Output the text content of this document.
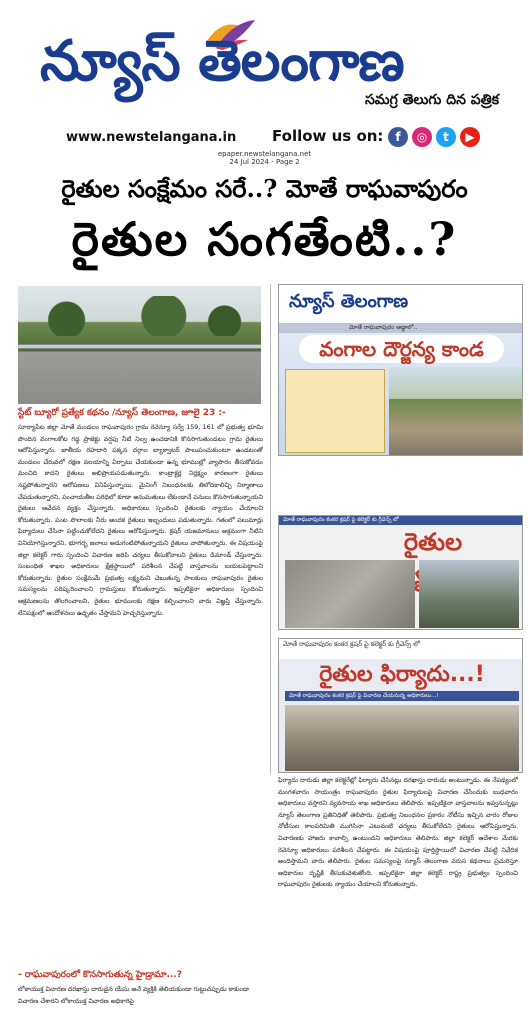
న్యూస్ తెలంగాణ
సమగ్ర తెలుగు దిన పత్రిక
www.newstelangana.in Follow us on: f	◎	t	▶
epaper.newstelangana.net
24 Jul 2024 - Page 2
రైతుల సంక్షేమం సరే..? మోతే రాఘవాపురం
రైతుల సంగతేంటి..?
స్టేట్ బ్యూరో ప్రత్యేక కథనం /న్యూస్ తెలంగాణ, జూలై 23 :-
సూర్యాపేట జిల్లా మోతే మండలం రాఘవాపురం గ్రామ రెవెన్యూ సర్వే 159, 161 లో ప్రభుత్వ భూమి పొందిన వంగాలకోట గడ్డ ప్రాజెక్టు వర్షపు నీటి నిల్వ ఉంచడానికి కొనసాగుతుండటం గ్రామ రైతులు ఆరోపిస్తున్నారు. జాతీయ రహదారి పక్కన దర్గాల బ్యాక్వాటర్ పాలుపంచుకుంటూ ఉండటంతో మండలం చేరువలో రక్షణ వలయాన్ని ఏర్పాటు చేయకుండా ఉన్న భూముల్లో వ్యాపారం తీసుకోవడం మంచిది కాదని రైతులు అభిప్రాయపడుతున్నారు. కాంట్రాక్టర్ల నిర్లక్ష్యం కారణంగా రైతులు నష్టపోతున్నారని ఆరోపణలు వినిపిస్తున్నాయి. మైనింగ్ నిబంధనలకు తిలోదకాలిచ్చి నిర్మాణాలు చేపడుతున్నారని, పంచాయతీల పరిధిలో కూడా అనుమతులు లేకుండానే పనులు కొనసాగుతున్నాయని రైతులు ఆవేదన వ్యక్తం చేస్తున్నారు. అధికారులు స్పందించి రైతులకు న్యాయం చేయాలని కోరుతున్నారు. పంట పొలాలకు నీరు అందక రైతులు ఇబ్బందులు పడుతున్నారు. గతంలో పలుమార్లు ఫిర్యాదులు చేసినా పట్టించుకోలేదని రైతులు ఆరోపిస్తున్నారు. క్రషర్ యజమానులు అక్రమంగా నీటిని వినియోగిస్తున్నారని, భూగర్భ జలాలు అడుగంటిపోతున్నాయని రైతులు వాపోతున్నారు. ఈ విషయంపై జిల్లా కలెక్టర్ గారు స్పందించి విచారణ జరిపి చర్యలు తీసుకోవాలని రైతులు డిమాండ్ చేస్తున్నారు. సంబంధిత శాఖల అధికారులు క్షేత్రస్థాయిలో పరిశీలన చేపట్టి వాస్తవాలను బయటపెట్టాలని కోరుతున్నారు. రైతుల సంక్షేమమే ప్రభుత్వ లక్ష్యమని చెబుతున్న పాలకులు రాఘవాపురం రైతుల సమస్యలను పరిష్కరించాలని గ్రామస్తులు కోరుతున్నారు. ఇప్పటికైనా అధికారులు స్పందించి ఆక్రమణలను తొలగించాలని, రైతుల భూములకు రక్షణ కల్పించాలని వారు విజ్ఞప్తి చేస్తున్నారు. లేనిపక్షంలో ఆందోళనలు ఉధృతం చేస్తామని హెచ్చరిస్తున్నారు.
న్యూస్ తెలంగాణ
మోతే రాఘవాపురం అడ్డాలో..
వంగాల దౌర్జన్య కాండ
మోతే రాఘవాపురం కంకర క్రషర్ పై కలెక్టర్ కు గ్రీవెన్స్ లో
రైతుల
మోతే రాఘవాపురం కంకర క్రషర్ పై కలెక్టర్ కు గ్రీవెన్స్ లో
రైతుల ఫిర్యాదు...!
మోతే రాఘవాపురం కంకర క్రషర్ పై విచారణ చేయనున్న అధికారులు...!
ఫిర్యాదు దారుడు జిల్లా కలెక్టరేట్లో ఫిర్యాదు చేసినట్లు దరఖాస్తు దారుడు అంటున్నాడు. ఈ నేపథ్యంలో మంగళవారం సాయంత్రం రాఘవాపురం రైతుల ఫిర్యాదులపై విచారణ చేసేందుకు బుధవారం అధికారులు వస్తారని వ్యవసాయ శాఖ అధికారులు తెలిపారు. ఇప్పటికైనా వాస్తవాలను ఇవ్వనున్నట్లు న్యూస్ తెలంగాణ ప్రతినిధితో తెలిపారు. ప్రభుత్వ నిబంధనల ప్రకారం నోటీసు ఇచ్చిన వారం రోజుల నోటీసుల కాలపరిమితి ముగిసినా ఎటువంటి చర్యలు తీసుకోలేదని రైతులు ఆరోపిస్తున్నారు. విచారణకు హాజరు కావాల్సి ఉంటుందని అధికారులు తెలిపారు. జిల్లా కలెక్టర్ ఆదేశాల మేరకు రెవెన్యూ అధికారులు పరిశీలన చేపట్టారు. ఈ విషయంపై పూర్తిస్థాయిలో విచారణ చేపట్టి నివేదిక అందిస్తామని వారు తెలిపారు. రైతుల సమస్యలపై న్యూస్ తెలంగాణ వరుస కథనాలు ప్రచురిస్తూ అధికారుల దృష్టికి తీసుకువెళుతోంది. ఇప్పటికైనా జిల్లా కలెక్టర్ రాష్ట్ర ప్రభుత్వం స్పందించి రాఘవాపురం రైతులకు న్యాయం చేయాలని కోరుతున్నారు.
- రాఘవాపురంలో కొనసాగుతున్న హైడ్రామా...?
లోకాయుక్త విచారణ దరఖాస్తు దారుడైన యేసు అనే వ్యక్తికి తెలియకుండా గుట్టుచప్పుడు కాకుండా విచారణ చేశారని లోకాయుక్త విచారణ అధికారిపై
